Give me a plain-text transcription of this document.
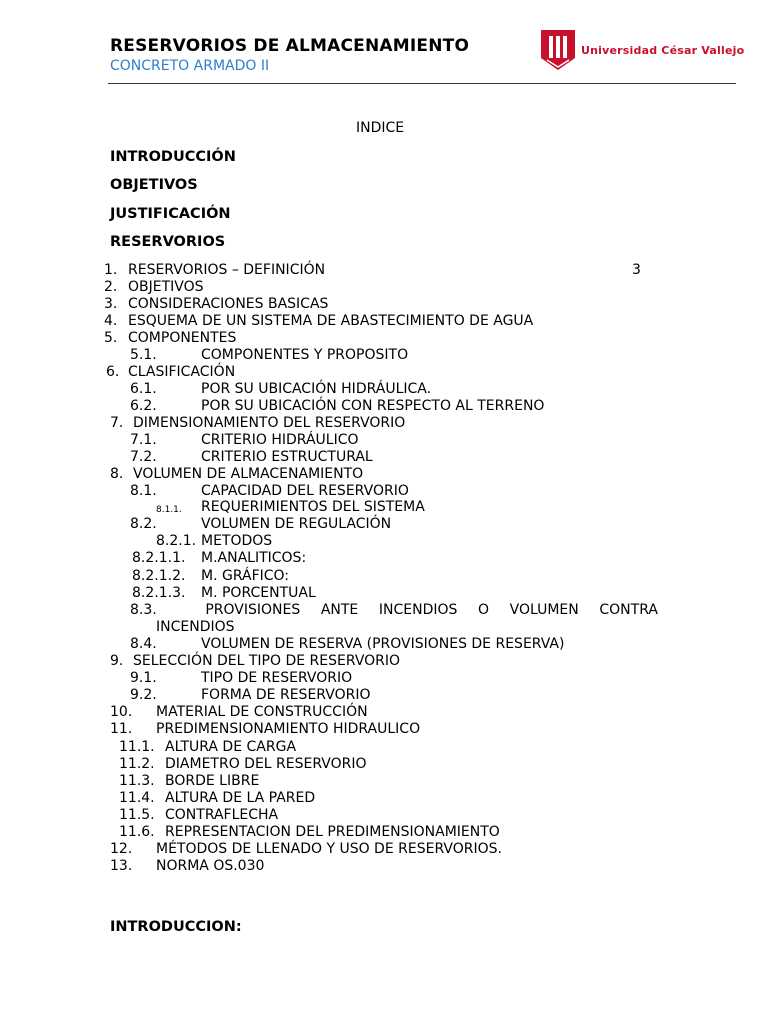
RESERVORIOS DE ALMACENAMIENTO
CONCRETO ARMADO II
Universidad César Vallejo
INDICE
INTRODUCCIÓN
OBJETIVOS
JUSTIFICACIÓN
RESERVORIOS
1. RESERVORIOS – DEFINICIÓN	3
2. OBJETIVOS
3. CONSIDERACIONES BASICAS
4. ESQUEMA DE UN SISTEMA DE ABASTECIMIENTO DE AGUA
5. COMPONENTES
5.1.	COMPONENTES Y PROPOSITO
6. CLASIFICACIÓN
6.1.	POR SU UBICACIÓN HIDRÁULICA.
6.2.	POR SU UBICACIÓN CON RESPECTO AL TERRENO
7. DIMENSIONAMIENTO DEL RESERVORIO
7.1.	CRITERIO HIDRÁULICO
7.2.	CRITERIO ESTRUCTURAL
8. VOLUMEN DE ALMACENAMIENTO
8.1.	CAPACIDAD DEL RESERVORIO
8.1.1. REQUERIMIENTOS DEL SISTEMA
8.2.	VOLUMEN DE REGULACIÓN
8.2.1. METODOS
8.2.1.1. M.ANALITICOS:
8.2.1.2. M. GRÁFICO:
8.2.1.3. M. PORCENTUAL
8.3.	PROVISIONES ANTE INCENDIOS O VOLUMEN CONTRA
INCENDIOS
8.4.	VOLUMEN DE RESERVA (PROVISIONES DE RESERVA)
9. SELECCIÓN DEL TIPO DE RESERVORIO
9.1.	TIPO DE RESERVORIO
9.2.	FORMA DE RESERVORIO
10. MATERIAL DE CONSTRUCCIÓN
11. PREDIMENSIONAMIENTO HIDRAULICO
11.1. ALTURA DE CARGA
11.2. DIAMETRO DEL RESERVORIO
11.3. BORDE LIBRE
11.4. ALTURA DE LA PARED
11.5. CONTRAFLECHA
11.6. REPRESENTACION DEL PREDIMENSIONAMIENTO
12. MÉTODOS DE LLENADO Y USO DE RESERVORIOS.
13. NORMA OS.030
INTRODUCCION:
